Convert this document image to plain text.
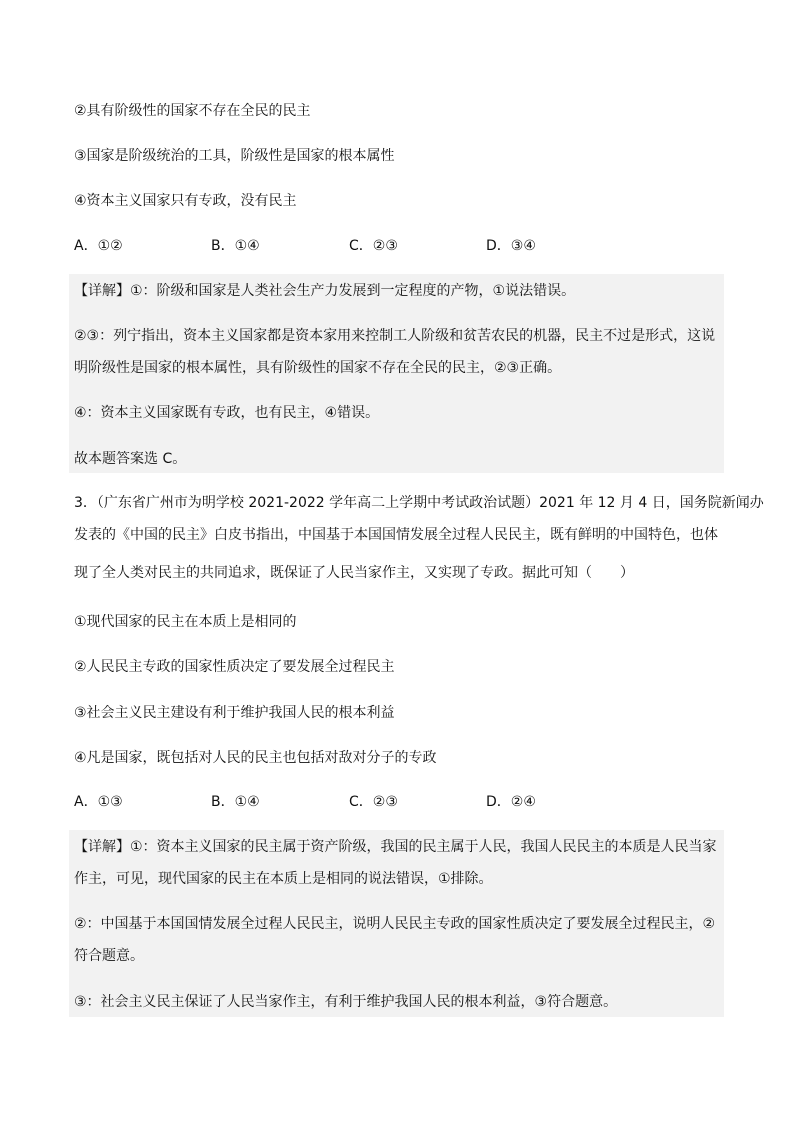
②具有阶级性的国家不存在全民的民主
③国家是阶级统治的工具，阶级性是国家的根本属性
④资本主义国家只有专政，没有民主
A．①②	B．①④	C．②③	D．③④
【详解】①：阶级和国家是人类社会生产力发展到一定程度的产物，①说法错误。
②③：列宁指出，资本主义国家都是资本家用来控制工人阶级和贫苦农民的机器，民主不过是形式，这说
明阶级性是国家的根本属性，具有阶级性的国家不存在全民的民主，②③正确。
④：资本主义国家既有专政，也有民主，④错误。
故本题答案选 C。
3．（广东省广州市为明学校 2021-2022 学年高二上学期中考试政治试题）2021 年 12 月 4 日，国务院新闻办
发表的《中国的民主》白皮书指出，中国基于本国国情发展全过程人民民主，既有鲜明的中国特色，也体
现了全人类对民主的共同追求，既保证了人民当家作主，又实现了专政。据此可知（　　）
①现代国家的民主在本质上是相同的
②人民民主专政的国家性质决定了要发展全过程民主
③社会主义民主建设有利于维护我国人民的根本利益
④凡是国家，既包括对人民的民主也包括对敌对分子的专政
A．①③	B．①④	C．②③	D．②④
【详解】①：资本主义国家的民主属于资产阶级，我国的民主属于人民，我国人民民主的本质是人民当家
作主，可见，现代国家的民主在本质上是相同的说法错误，①排除。
②：中国基于本国国情发展全过程人民民主，说明人民民主专政的国家性质决定了要发展全过程民主，②
符合题意。
③：社会主义民主保证了人民当家作主，有利于维护我国人民的根本利益，③符合题意。
